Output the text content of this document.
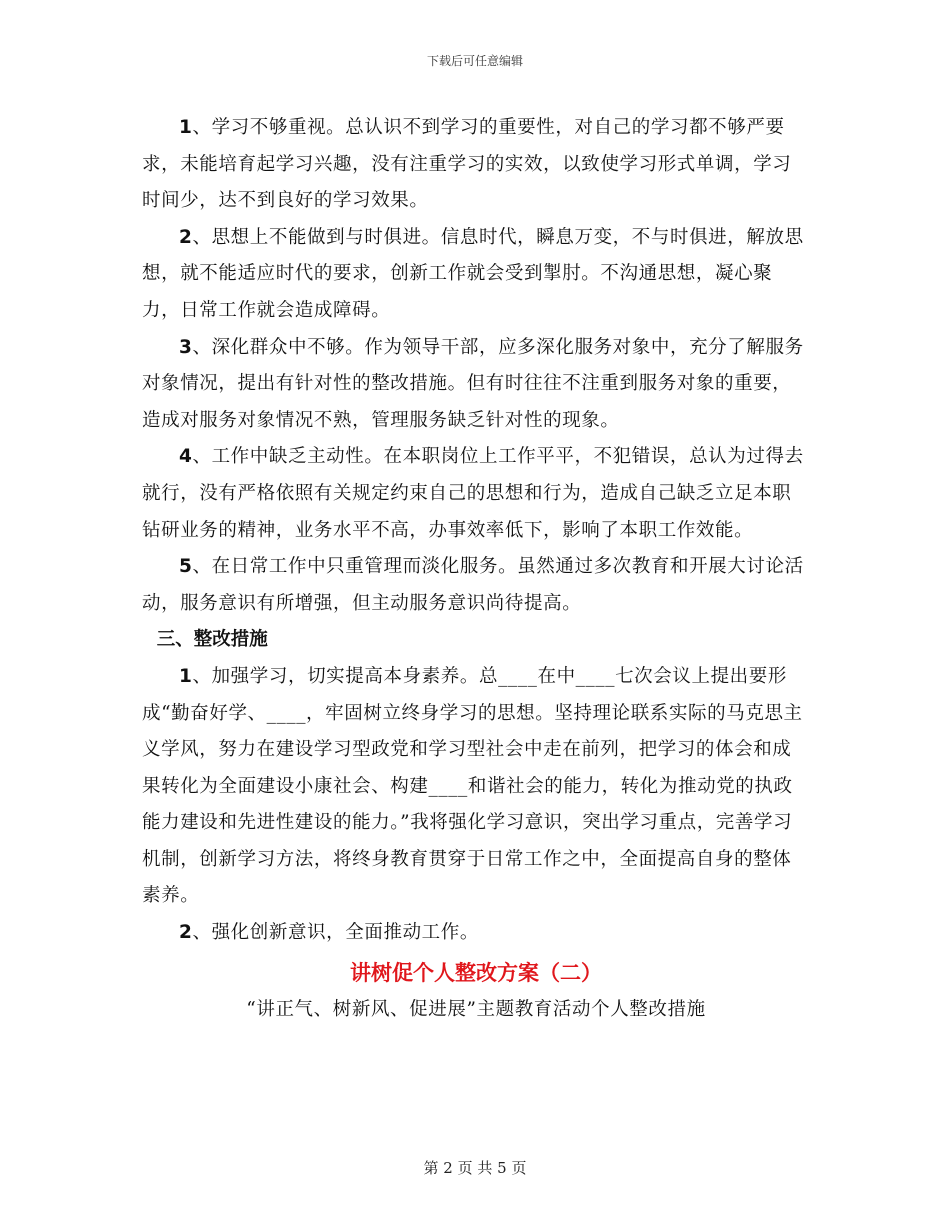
下载后可任意编辑

1、学习不够重视。总认识不到学习的重要性，对自己的学习都不够严要求，未能培育起学习兴趣，没有注重学习的实效，以致使学习形式单调，学习时间少，达不到良好的学习效果。

2、思想上不能做到与时俱进。信息时代，瞬息万变，不与时俱进，解放思想，就不能适应时代的要求，创新工作就会受到掣肘。不沟通思想，凝心聚力，日常工作就会造成障碍。

3、深化群众中不够。作为领导干部，应多深化服务对象中，充分了解服务对象情况，提出有针对性的整改措施。但有时往往不注重到服务对象的重要，造成对服务对象情况不熟，管理服务缺乏针对性的现象。

4、工作中缺乏主动性。在本职岗位上工作平平，不犯错误，总认为过得去就行，没有严格依照有关规定约束自己的思想和行为，造成自己缺乏立足本职钻研业务的精神，业务水平不高，办事效率低下，影响了本职工作效能。

5、在日常工作中只重管理而淡化服务。虽然通过多次教育和开展大讨论活动，服务意识有所增强，但主动服务意识尚待提高。

三、整改措施

1、加强学习，切实提高本身素养。总____在中____七次会议上提出要形成“勤奋好学、____，牢固树立终身学习的思想。坚持理论联系实际的马克思主义学风，努力在建设学习型政党和学习型社会中走在前列，把学习的体会和成果转化为全面建设小康社会、构建____和谐社会的能力，转化为推动党的执政能力建设和先进性建设的能力。”我将强化学习意识，突出学习重点，完善学习机制，创新学习方法，将终身教育贯穿于日常工作之中，全面提高自身的整体素养。

2、强化创新意识，全面推动工作。

讲树促个人整改方案（二）

“讲正气、树新风、促进展”主题教育活动个人整改措施

第 2 页 共 5 页
